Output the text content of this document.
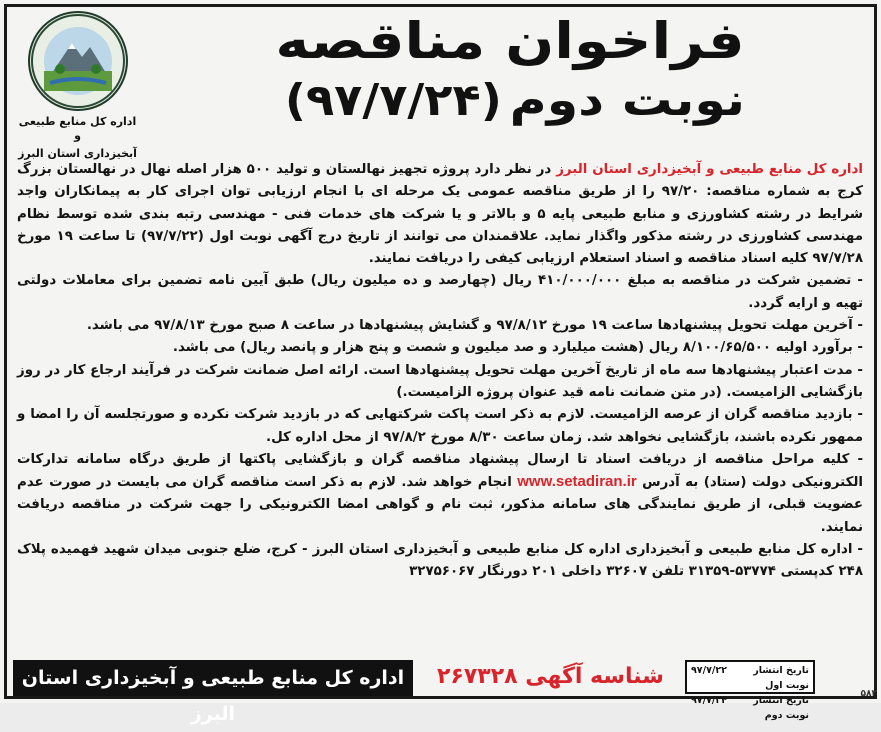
اداره کل منابع طبیعی و
آبخیزداری استان البرز
فراخوان مناقصه
نوبت دوم
(۹۷/۷/۲۴)

اداره کل منابع طبیعی و آبخیزداری استان البرز در نظر دارد پروژه تجهیز نهالستان و تولید ۵۰۰ هزار اصله نهال در نهالستان بزرگ کرج به شماره مناقصه: ۹۷/۲۰ را از طریق مناقصه عمومی یک مرحله ای با انجام ارزیابی توان اجرای کار به پیمانکاران واجد شرایط در رشته کشاورزی و منابع طبیعی پایه ۵ و بالاتر و یا شرکت های خدمات فنی - مهندسی رتبه بندی شده توسط نظام مهندسی کشاورزی در رشته مذکور واگذار نماید. علاقمندان می توانند از تاریخ درج آگهی نوبت اول (۹۷/۷/۲۲) تا ساعت ۱۹ مورخ ۹۷/۷/۲۸ کلیه اسناد مناقصه و اسناد استعلام ارزیابی کیفی را دریافت نمایند.

- تضمین شرکت در مناقصه به مبلغ ۴۱۰/۰۰۰/۰۰۰ ریال (چهارصد و ده میلیون ریال) طبق آیین نامه تضمین برای معاملات دولتی تهیه و ارایه گردد.

- آخرین مهلت تحویل پیشنهادها ساعت ۱۹ مورخ ۹۷/۸/۱۲ و گشایش پیشنهادها در ساعت ۸ صبح مورخ ۹۷/۸/۱۳ می باشد.

- برآورد اولیه ۸/۱۰۰/۶۵/۵۰۰ ریال (هشت میلیارد و صد میلیون و شصت و پنج هزار و پانصد ریال) می باشد.

- مدت اعتبار پیشنهادها سه ماه از تاریخ آخرین مهلت تحویل پیشنهادها است. ارائه اصل ضمانت شرکت در فرآیند ارجاع کار در روز بازگشایی الزامیست. (در متن ضمانت نامه قید عنوان پروژه الزامیست.)

- بازدید مناقصه گران از عرصه الزامیست. لازم به ذکر است پاکت شرکتهایی که در بازدید شرکت نکرده و صورتجلسه آن را امضا و ممهور نکرده باشند، بازگشایی نخواهد شد. زمان ساعت ۸/۳۰ مورخ ۹۷/۸/۲ از محل اداره کل.

- کلیه مراحل مناقصه از دریافت اسناد تا ارسال پیشنهاد مناقصه گران و بازگشایی پاکتها از طریق درگاه سامانه تدارکات الکترونیکی دولت (ستاد) به آدرس www.setadiran.ir انجام خواهد شد. لازم به ذکر است مناقصه گران می بایست در صورت عدم عضویت قبلی، از طریق نمایندگی های سامانه مذکور، ثبت نام و گواهی امضا الکترونیکی را جهت شرکت در مناقصه دریافت نمایند.

- اداره کل منابع طبیعی و آبخیزداری اداره کل منابع طبیعی و آبخیزداری استان البرز - کرج، ضلع جنوبی میدان شهید فهمیده پلاک ۲۴۸ کدپستی ۵۳۷۷۴-۳۱۳۵۹ تلفن ۳۲۶۰۷ داخلی ۲۰۱ دورنگار ۳۲۷۵۶۰۶۷

تاریخ انتشار نوبت اول
۹۷/۷/۲۲
تاریخ انتشار نوبت دوم
۹۷/۷/۲۴
شناسه آگهی ۲۶۷۳۲۸
اداره کل منابع طبیعی و آبخیزداری استان البرز
۵۸۲
